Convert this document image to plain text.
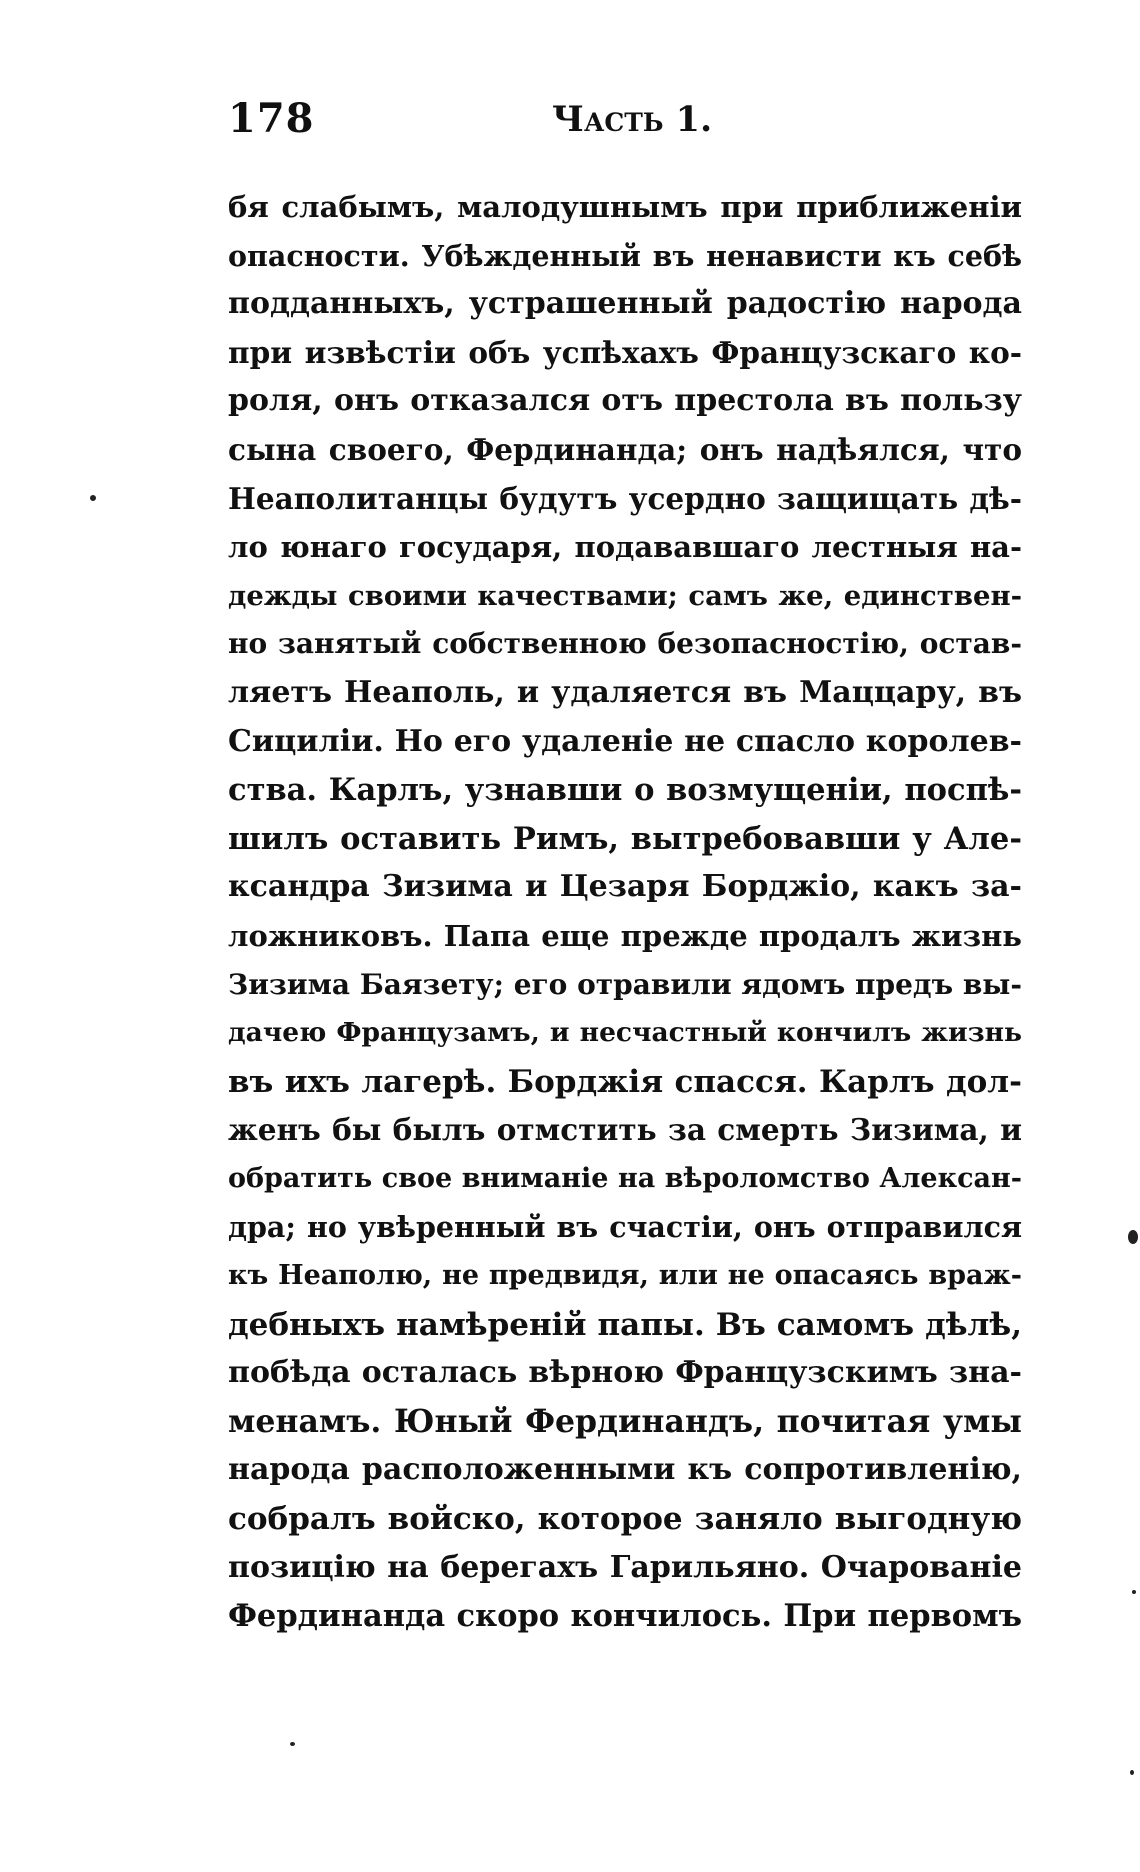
178	Часть 1.
бя слабымъ, малодушнымъ при приближенiи
опасности. Убѣжденный въ ненависти къ себѣ
подданныхъ, устрашенный радостiю народа
при извѣстiи объ успѣхахъ Французскаго ко-
роля, онъ отказался отъ престола въ пользу
сына своего, Фердинанда; онъ надѣялся, что
Неаполитанцы будутъ усердно защищать дѣ-
ло юнаго государя, подававшаго лестныя на-
дежды своими качествами; самъ же, единствен-
но занятый собственною безопасностiю, остав-
ляетъ Неаполь, и удаляется въ Маццару, въ
Сицилiи. Но его удаленiе не спасло королев-
ства. Карлъ, узнавши о возмущенiи, поспѣ-
шилъ оставить Римъ, вытребовавши у Але-
ксандра Зизима и Цезаря Борджiо, какъ за-
ложниковъ. Папа еще прежде продалъ жизнь
Зизима Баязету; его отравили ядомъ предъ вы-
дачею Французамъ, и несчастный кончилъ жизнь
въ ихъ лагерѣ. Борджiя спасся. Карлъ дол-
женъ бы былъ отмстить за смерть Зизима, и
обратить свое вниманiе на вѣроломство Алексан-
дра; но увѣренный въ счастiи, онъ отправился
къ Неаполю, не предвидя, или не опасаясь враж-
дебныхъ намѣренiй папы. Въ самомъ дѣлѣ,
побѣда осталась вѣрною Французскимъ зна-
менамъ. Юный Фердинандъ, почитая умы
народа расположенными къ сопротивленiю,
собралъ войско, которое заняло выгодную
позицiю на берегахъ Гарильяно. Очарованiе
Фердинанда скоро кончилось. При первомъ
